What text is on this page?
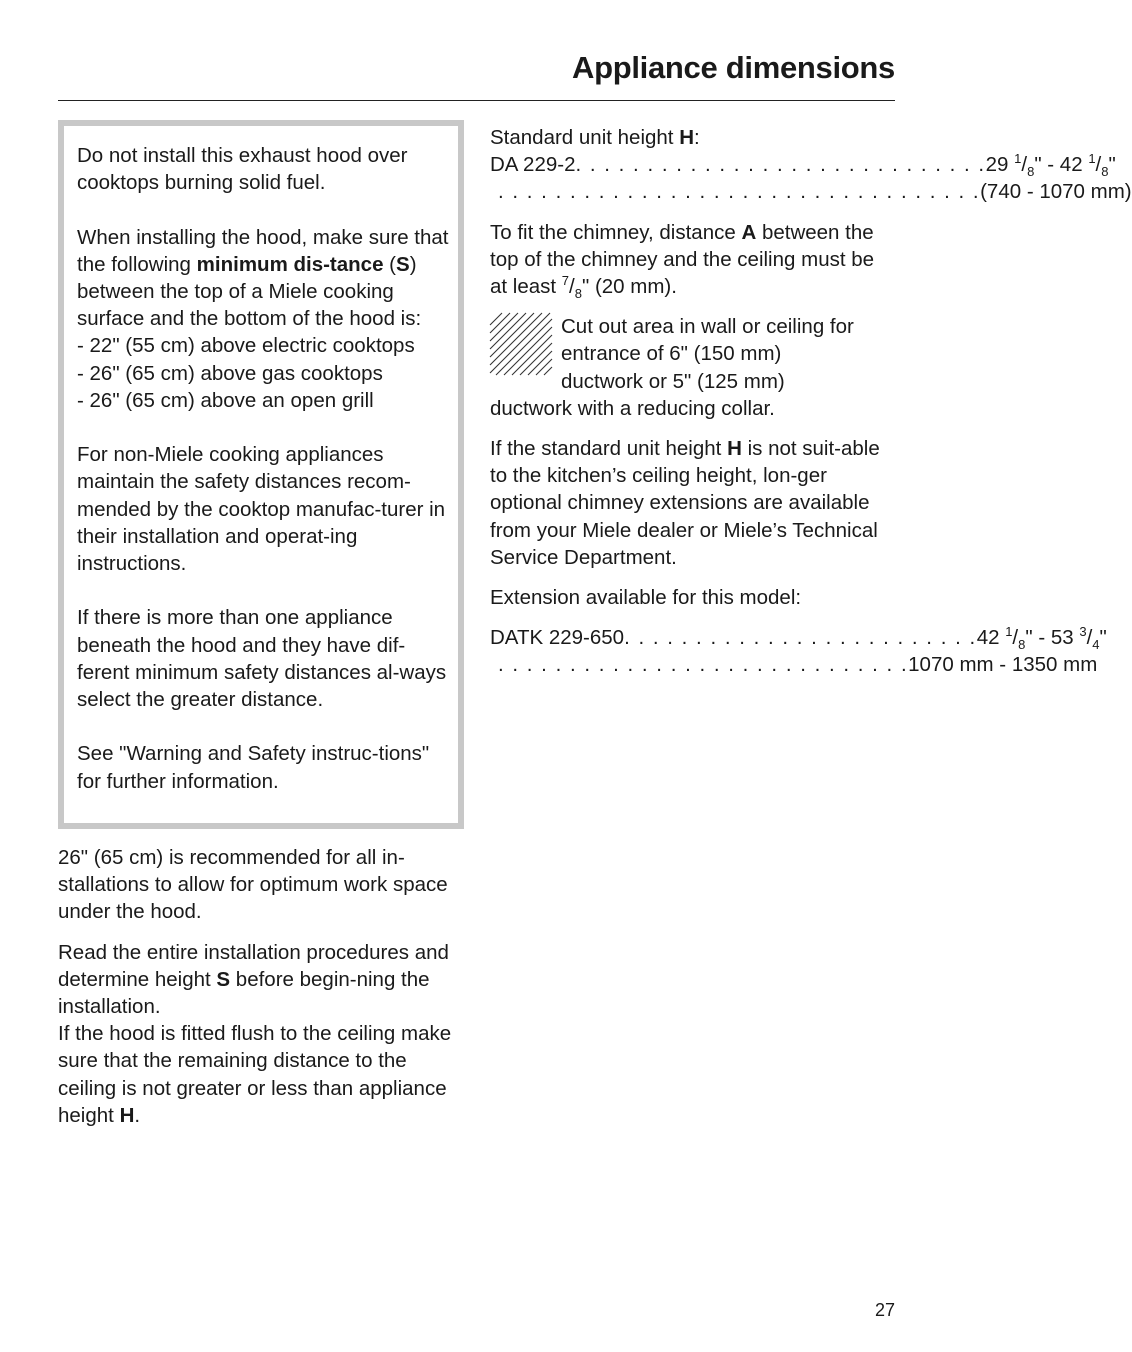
Appliance dimensions

Do not install this exhaust hood over cooktops burning solid fuel.

When installing the hood, make sure that the following minimum dis-tance (S) between the top of a Miele cooking surface and the bottom of the hood is:

- 22" (55 cm) above electric cooktops

- 26" (65 cm) above gas cooktops

- 26" (65 cm) above an open grill

For non-Miele cooking appliances maintain the safety distances recom-mended by the cooktop manufac-turer in their installation and operat-ing instructions.

If there is more than one appliance beneath the hood and they have dif-ferent minimum safety distances al-ways select the greater distance.

See "Warning and Safety instruc-tions" for further information.

26" (65 cm) is recommended for all in-stallations to allow for optimum work space under the hood.

Read the entire installation procedures and determine height S before begin-ning the installation.

If the hood is fitted flush to the ceiling make sure that the remaining distance to the ceiling is not greater or less than appliance height H.

Standard unit height H:

DA 229-2 . . . . . . . . . . . . . . . . . . . . . . . . . . . . . 29 $^1/_8$" - 42 $^1/_8$"

. . . . . . . . . . . . . . . . . . . . . . . . . . . . . . . . . . (740 - 1070 mm)

To fit the chimney, distance A between the top of the chimney and the ceiling must be at least $^7/_8$" (20 mm).

Cut out area in wall or ceiling for

entrance of 6" (150 mm)

ductwork or 5" (125 mm)

ductwork with a reducing collar.

If the standard unit height H is not suit-able to the kitchen’s ceiling height, lon-ger optional chimney extensions are available from your Miele dealer or Miele’s Technical Service Department.

Extension available for this model:

DATK 229-650 . . . . . . . . . . . . . . . . . . . . . . . . . 42 $^1/_8$" - 53 $^3/_4$"

. . . . . . . . . . . . . . . . . . . . . . . . . . . . . 1070 mm - 1350 mm

27
